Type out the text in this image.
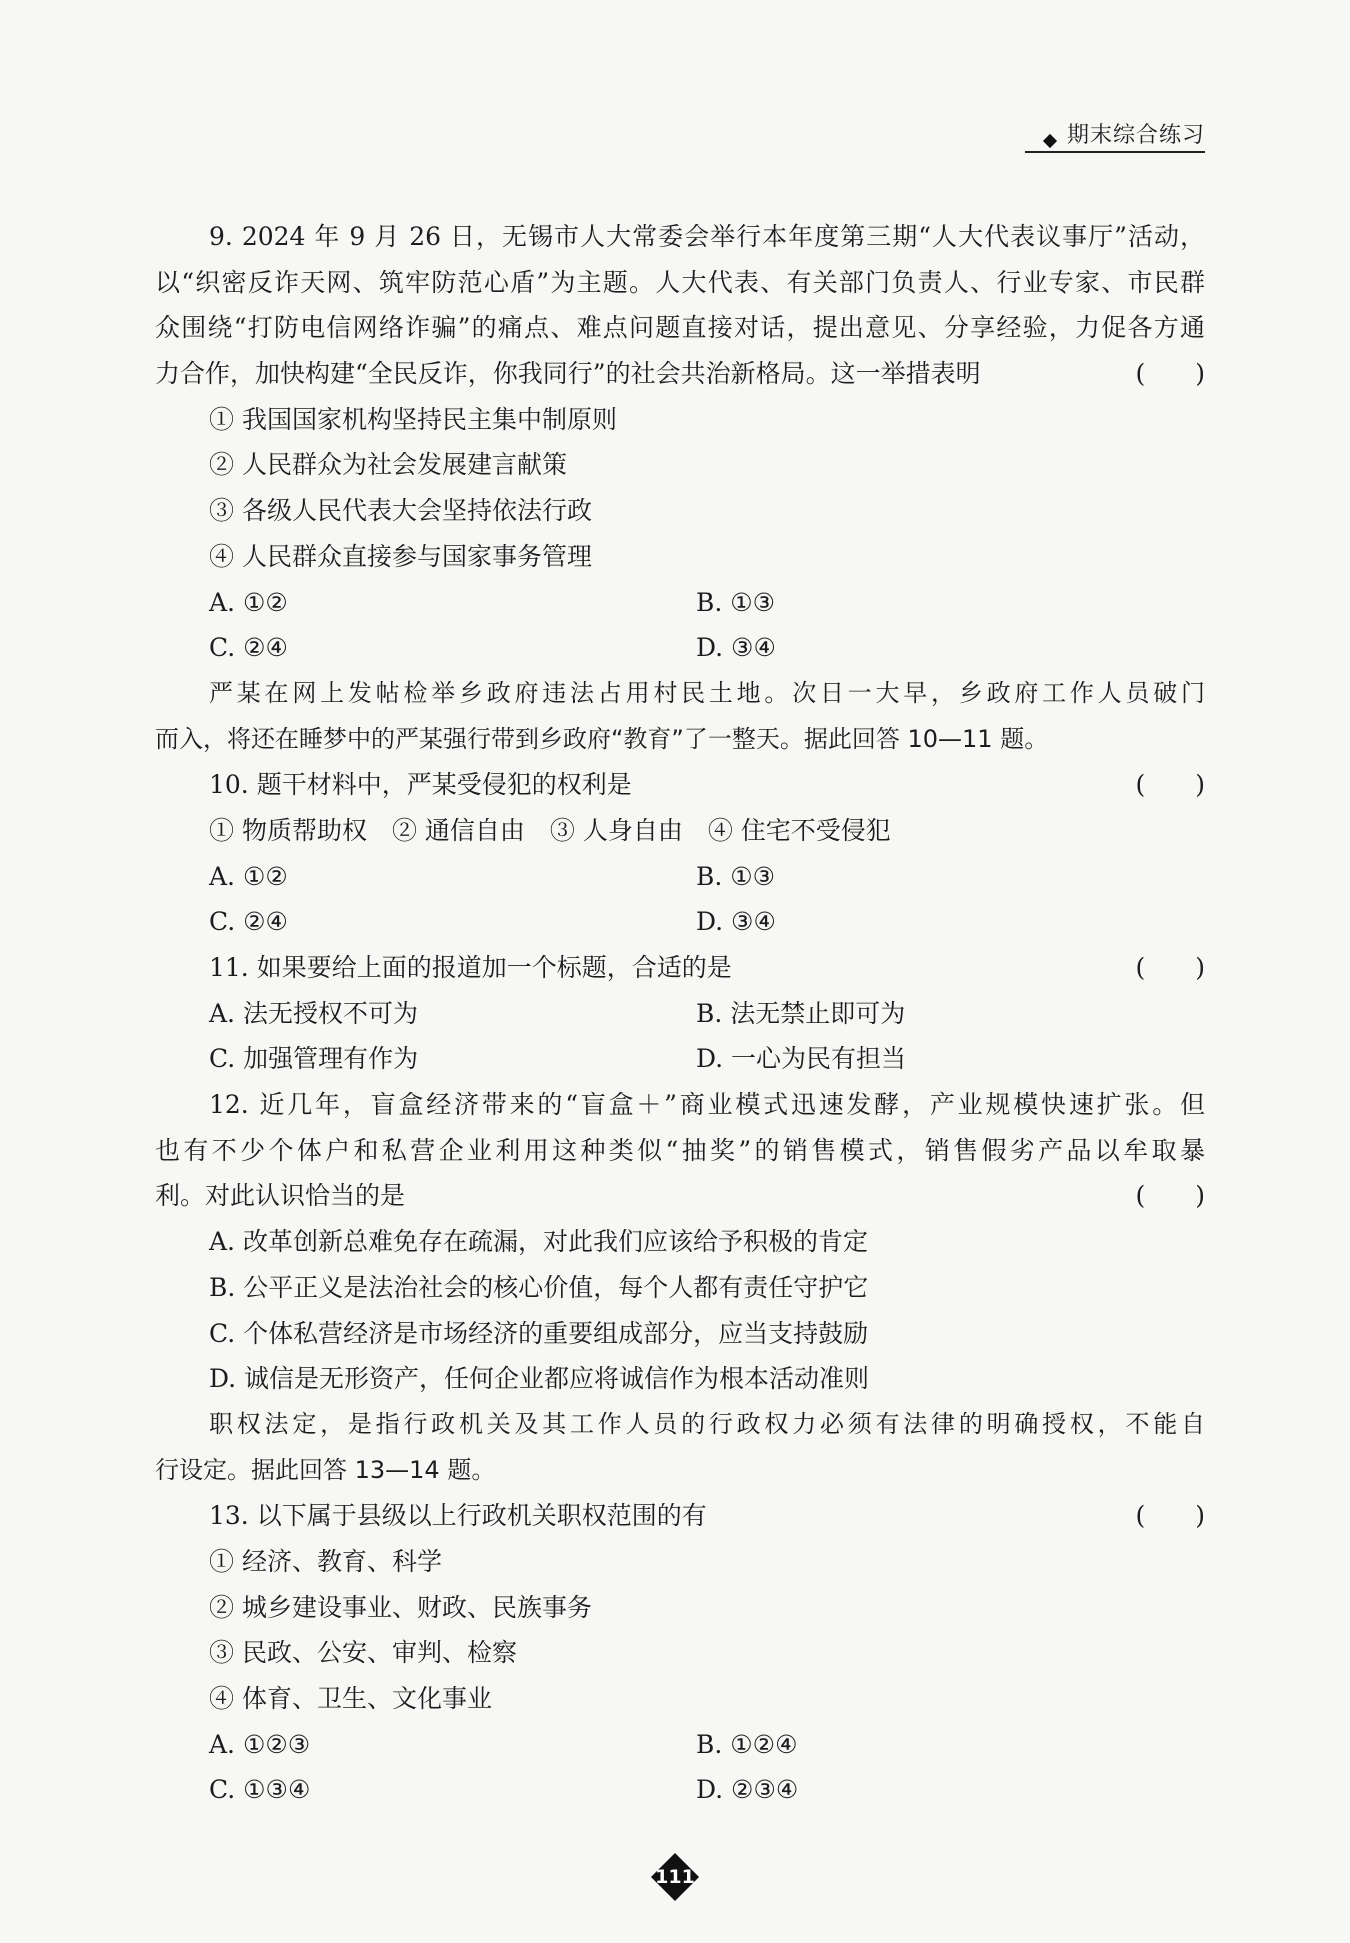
期末综合练习
9. 2024 年 9 月 26 日，无锡市人大常委会举行本年度第三期“人大代表议事厅”活动，
以“织密反诈天网、筑牢防范心盾”为主题。人大代表、有关部门负责人、行业专家、市民群
众围绕“打防电信网络诈骗”的痛点、难点问题直接对话，提出意见、分享经验，力促各方通
力合作，加快构建“全民反诈，你我同行”的社会共治新格局。这一举措表明	(　　)
① 我国国家机构坚持民主集中制原则
② 人民群众为社会发展建言献策
③ 各级人民代表大会坚持依法行政
④ 人民群众直接参与国家事务管理
A. ①②	B. ①③
C. ②④	D. ③④
严某在网上发帖检举乡政府违法占用村民土地。次日一大早，乡政府工作人员破门
而入，将还在睡梦中的严某强行带到乡政府“教育”了一整天。据此回答 10—11 题。
10. 题干材料中，严某受侵犯的权利是	(　　)
① 物质帮助权　② 通信自由　③ 人身自由　④ 住宅不受侵犯
A. ①②	B. ①③
C. ②④	D. ③④
11. 如果要给上面的报道加一个标题，合适的是	(　　)
A. 法无授权不可为	B. 法无禁止即可为
C. 加强管理有作为	D. 一心为民有担当
12. 近几年，盲盒经济带来的“盲盒＋”商业模式迅速发酵，产业规模快速扩张。但
也有不少个体户和私营企业利用这种类似“抽奖”的销售模式，销售假劣产品以牟取暴
利。对此认识恰当的是	(　　)
A. 改革创新总难免存在疏漏，对此我们应该给予积极的肯定
B. 公平正义是法治社会的核心价值，每个人都有责任守护它
C. 个体私营经济是市场经济的重要组成部分，应当支持鼓励
D. 诚信是无形资产，任何企业都应将诚信作为根本活动准则
职权法定，是指行政机关及其工作人员的行政权力必须有法律的明确授权，不能自
行设定。据此回答 13—14 题。
13. 以下属于县级以上行政机关职权范围的有	(　　)
① 经济、教育、科学
② 城乡建设事业、财政、民族事务
③ 民政、公安、审判、检察
④ 体育、卫生、文化事业
A. ①②③	B. ①②④
C. ①③④	D. ②③④
111
